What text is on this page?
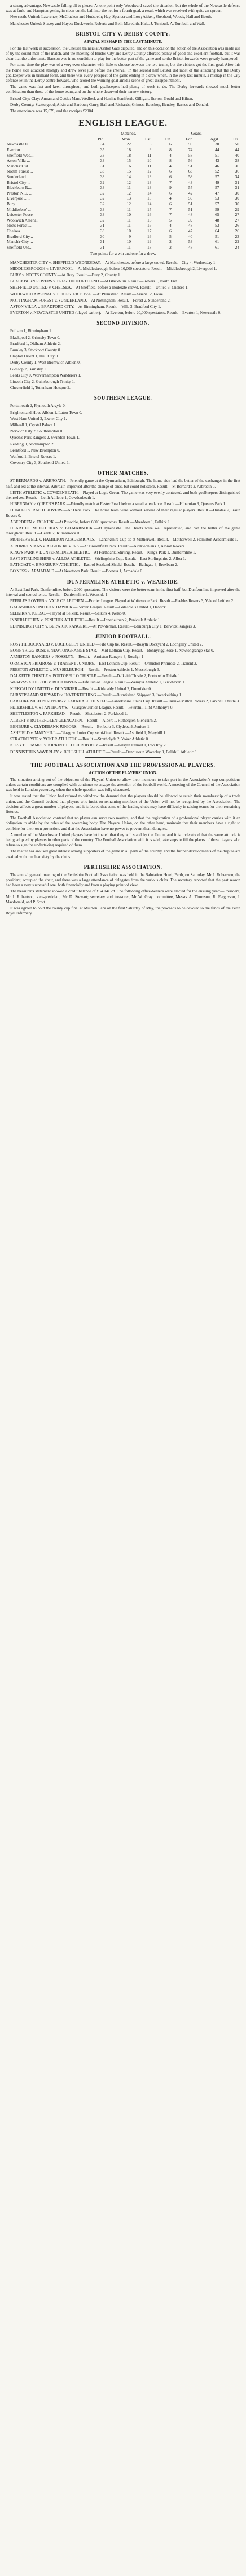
a strong advantage. Newcastle falling all to pieces. At one point only Woodward saved the situation, but the whole of the Newcastle defence was at fault, and Hampton getting in clean cut the ball into the net for a fourth goal, a result which was received with quite an uproar.

Newcastle United: Lawrence; McCracken and Hudspeth; Hay, Spencer and Low; Aitken, Shepherd, Woods, Hall and Booth.

Manchester United: Stacey and Hayes; Duckworth, Roberts and Bell; Meredith, Hale, J. Turnbull, A. Turnbull and Wall.

BRISTOL CITY V. DERBY COUNTY.
A FATAL MISHAP IN THE LAST MINUTE.

For the last week in succession, the Chelsea trainers at Ashton Gate disputed, and on this occasion the action of the Association was made use of by the sound men of the match, and the meeting of Bristol City and Derby County afforded plenty of good and excellent football, but it was clear that the unfortunate Hanson was in no condition to play for the better part of the game and so the Bristol forwards were greatly hampered.

For some time the play was of a very even character with little to choose between the two teams, but the visitors got the first goal. After this the home side attacked strongly and drew level just before the interval. In the second half Bristol did most of the attacking but the Derby goalkeeper was in brilliant form, and there was every prospect of the game ending in a draw when, in the very last minute, a mishap in the City defence let in the Derby centre forward, who scored the winning goal amid a scene of great disappointment.

The game was fast and keen throughout, and both goalkeepers had plenty of work to do. The Derby forwards showed much better combination than those of the home team, and on the whole deserved their narrow victory.

Bristol City: Clay; Annan and Cottle; Marr, Wedlock and Hanlin; Staniforth, Gilligan, Burton, Gould and Hilton.

Derby County: Scattergood; Atkin and Barbour; Garry, Hall and Richards; Grimes, Bauchop, Bentley, Barnes and Donald.

The attendance was 15,079, and the receipts £2004.

ENGLISH LEAGUE.
	Matches.				Goals.		
	Pld.	Won.	Lst.	Dn.	For.	Agst.	Pts.
Newcastle U...	34	22	6	6	59	30	50
Everton .........	35	18	9	8	74	44	44
Sheffield Wed...	33	18	11	4	58	51	40
Aston Villa ...	33	15	10	8	56	43	38
Manch'r Utd ...	31	16	11	4	51	46	36
Nottm Forest ...	33	15	12	6	63	52	36
Sunderland ......	33	14	13	6	58	57	34
Bristol City ...	32	12	13	7	43	49	31
Blackburn R....	33	11	13	9	55	57	31
Preston N.E. ...	32	12	14	6	42	47	30
Liverpool ......	32	13	15	4	50	53	30
Bury .............	32	12	14	6	51	57	30
Middlesbro' ...	33	11	15	7	51	59	29
Leicester Fosse	33	10	16	7	48	65	27
Woolwich Arsenal	32	11	16	5	39	48	27
Notts Forest ...	31	11	16	4	48	53	26
Chelsea .........	33	10	17	6	47	64	26
Bradford City...	30	9	16	5	40	51	23
Manch'r City ...	31	10	19	2	53	61	22
Sheffield Utd...	31	11	18	2	48	61	24
Two points for a win and one for a draw.

MANCHESTER CITY v. SHEFFIELD WEDNESDAY.—At Manchester, before a large crowd. Result.—City 4, Wednesday 1.

MIDDLESBROUGH v. LIVERPOOL.—At Middlesbrough, before 10,000 spectators. Result.—Middlesbrough 2, Liverpool 1.

BURY v. NOTTS COUNTY.—At Bury. Result.—Bury 2, County 1.

BLACKBURN ROVERS v. PRESTON NORTH END.—At Blackburn. Result.—Rovers 1, North End 1.

SHEFFIELD UNITED v. CHELSEA.—At Sheffield, before a moderate crowd. Result.—United 3, Chelsea 1.

WOOLWICH ARSENAL v. LEICESTER FOSSE.—At Plumstead. Result.—Arsenal 2, Fosse 1.

NOTTINGHAM FOREST v. SUNDERLAND.—At Nottingham. Result.—Forest 2, Sunderland 2.

ASTON VILLA v. BRADFORD CITY.—At Birmingham. Result.—Villa 3, Bradford City 1.

EVERTON v. NEWCASTLE UNITED (played earlier).—At Everton, before 20,000 spectators. Result.—Everton 1, Newcastle 0.

SECOND DIVISION.

Fulham 1, Birmingham 1.

Blackpool 2, Grimsby Town 0.

Bradford 1, Oldham Athletic 2.

Burnley 3, Stockport County 0.

Clapton Orient 1, Hull City 0.

Derby County 1, West Bromwich Albion 0.

Glossop 2, Barnsley 1.

Leeds City 0, Wolverhampton Wanderers 1.

Lincoln City 2, Gainsborough Trinity 1.

Chesterfield 1, Tottenham Hotspur 2.

SOUTHERN LEAGUE.

Portsmouth 2, Plymouth Argyle 0.

Brighton and Hove Albion 1, Luton Town 0.

West Ham United 3, Exeter City 1.

Millwall 1, Crystal Palace 1.

Norwich City 2, Southampton 0.

Queen's Park Rangers 2, Swindon Town 1.

Reading 0, Northampton 2.

Brentford 1, New Brompton 0.

Watford 1, Bristol Rovers 1.

Coventry City 3, Southend United 1.

OTHER MATCHES.

ST BERNARD'S v. ARBROATH.—Friendly game at the Gymnasium, Edinburgh. The home side had the better of the exchanges in the first half, and led at the interval. Arbroath improved after the change of ends, but could not score. Result.—St Bernard's 2, Arbroath 0.

LEITH ATHLETIC v. COWDENBEATH.—Played at Logie Green. The game was very evenly contested, and both goalkeepers distinguished themselves. Result.—Leith Athletic 1, Cowdenbeath 1.

HIBERNIAN v. QUEEN'S PARK.—Friendly match at Easter Road before a small attendance. Result.—Hibernian 3, Queen's Park 1.

DUNDEE v. RAITH ROVERS.—At Dens Park. The home team were without several of their regular players. Result.—Dundee 2, Raith Rovers 0.

ABERDEEN v. FALKIRK.—At Pittodrie, before 6000 spectators. Result.—Aberdeen 1, Falkirk 1.

HEART OF MIDLOTHIAN v. KILMARNOCK.—At Tynecastle. The Hearts were well represented, and had the better of the game throughout. Result.—Hearts 2, Kilmarnock 0.

MOTHERWELL v. HAMILTON ACADEMICALS.—Lanarkshire Cup tie at Motherwell. Result.—Motherwell 2, Hamilton Academicals 1.

AIRDRIEONIANS v. ALBION ROVERS.—At Broomfield Park. Result.—Airdrieonians 3, Albion Rovers 0.

KING'S PARK v. DUNFERMLINE ATHLETIC.—At Forthbank, Stirling. Result.—King's Park 1, Dunfermline 1.

EAST STIRLINGSHIRE v. ALLOA ATHLETIC.—Stirlingshire Cup. Result.—East Stirlingshire 2, Alloa 1.

BATHGATE v. BROXBURN ATHLETIC.—East of Scotland Shield. Result.—Bathgate 3, Broxburn 2.

BO'NESS v. ARMADALE.—At Newtown Park. Result.—Bo'ness 1, Armadale 0.

DUNFERMLINE ATHLETIC v. WEARSIDE.

At East End Park, Dunfermline, before 2000 spectators. The visitors were the better team in the first half, but Dunfermline improved after the interval and scored twice. Result.—Dunfermline 2, Wearside 1.

PEEBLES ROVERS v. VALE OF LEITHEN.—Border League. Played at Whitestone Park. Result.—Peebles Rovers 3, Vale of Leithen 2.

GALASHIELS UNITED v. HAWICK.—Border League. Result.—Galashiels United 1, Hawick 1.

SELKIRK v. KELSO.—Played at Selkirk. Result.—Selkirk 4, Kelso 0.

INNERLEITHEN v. PENICUIK ATHLETIC.—Result.—Innerleithen 2, Penicuik Athletic 1.

EDINBURGH CITY v. BERWICK RANGERS.—At Powderhall. Result.—Edinburgh City 1, Berwick Rangers 3.

JUNIOR FOOTBALL.

ROSYTH DOCKYARD v. LOCHGELLY UNITED.—Fife Cup tie. Result.—Rosyth Dockyard 2, Lochgelly United 2.

BONNYRIGG ROSE v. NEWTONGRANGE STAR.—Mid-Lothian Cup. Result.—Bonnyrigg Rose 1, Newtongrange Star 0.

ARNISTON RANGERS v. ROSSLYN.—Result.—Arniston Rangers 3, Rosslyn 1.

ORMISTON PRIMROSE v. TRANENT JUNIORS.—East Lothian Cup. Result.—Ormiston Primrose 2, Tranent 2.

PRESTON ATHLETIC v. MUSSELBURGH.—Result.—Preston Athletic 1, Musselburgh 3.

DALKEITH THISTLE v. PORTOBELLO THISTLE.—Result.—Dalkeith Thistle 2, Portobello Thistle 1.

WEMYSS ATHLETIC v. BUCKHAVEN.—Fife Junior League. Result.—Wemyss Athletic 1, Buckhaven 1.

KIRKCALDY UNITED v. DUNNIKIER.—Result.—Kirkcaldy United 2, Dunnikier 0.

BURNTISLAND SHIPYARD v. INVERKEITHING.—Result.—Burntisland Shipyard 3, Inverkeithing 1.

CARLUKE MILTON ROVERS v. LARKHALL THISTLE.—Lanarkshire Junior Cup. Result.—Carluke Milton Rovers 2, Larkhall Thistle 3.

PETERSHILL v. ST ANTHONY'S.—Glasgow Junior League. Result.—Petershill 1, St Anthony's 0.

SHETTLESTON v. PARKHEAD.—Result.—Shettleston 2, Parkhead 2.

ALBERT v. RUTHERGLEN GLENCAIRN.—Result.—Albert 1, Rutherglen Glencairn 2.

BENBURB v. CLYDEBANK JUNIORS.—Result.—Benburb 3, Clydebank Juniors 1.

ASHFIELD v. MARYHILL.—Glasgow Junior Cup semi-final. Result.—Ashfield 1, Maryhill 1.

STRATHCLYDE v. YOKER ATHLETIC.—Result.—Strathclyde 2, Yoker Athletic 0.

KILSYTH EMMET v. KIRKINTILLOCH ROB ROY.—Result.—Kilsyth Emmet 1, Rob Roy 2.

DENNISTOUN WAVERLEY v. BELLSHILL ATHLETIC.—Result.—Dennistoun Waverley 3, Bellshill Athletic 3.

THE FOOTBALL ASSOCIATION AND THE PROFESSIONAL PLAYERS.
ACTION OF THE PLAYERS' UNION.

The situation arising out of the objection of the Players' Union to allow their members to take part in the Association's cup competitions unless certain conditions are complied with continues to engage the attention of the football world. A meeting of the Council of the Association was held in London yesterday, when the whole question was fully discussed.

It was stated that the Union had refused to withdraw the demand that the players should be allowed to retain their membership of a trade union, and the Council decided that players who insist on remaining members of the Union will not be recognised by the Association. The decision affects a great number of players, and it is feared that some of the leading clubs may have difficulty in raising teams for their remaining fixtures.

The Football Association contend that no player can serve two masters, and that the registration of a professional player carries with it an obligation to abide by the rules of the governing body. The Players' Union, on the other hand, maintain that their members have a right to combine for their own protection, and that the Association have no power to prevent them doing so.

A number of the Manchester United players have intimated that they will stand by the Union, and it is understood that the same attitude is being adopted by players in other parts of the country. The Football Association will, it is said, take steps to fill the places of those players who refuse to sign the undertaking required of them.

The matter has aroused great interest among supporters of the game in all parts of the country, and the further developments of the dispute are awaited with much anxiety by the clubs.

PERTHSHIRE ASSOCIATION.

The annual general meeting of the Perthshire Football Association was held in the Salutation Hotel, Perth, on Saturday. Mr J. Robertson, the president, occupied the chair, and there was a large attendance of delegates from the various clubs. The secretary reported that the past season had been a very successful one, both financially and from a playing point of view.

The treasurer's statement showed a credit balance of £34 14s 2d. The following office-bearers were elected for the ensuing year:—President, Mr J. Robertson; vice-president, Mr D. Stewart; secretary and treasurer, Mr W. Gray; committee, Messrs A. Thomson, R. Fergusson, J. Macdonald, and P. Scott.

It was agreed to hold the county cup final at Muirton Park on the first Saturday of May, the proceeds to be devoted to the funds of the Perth Royal Infirmary.
